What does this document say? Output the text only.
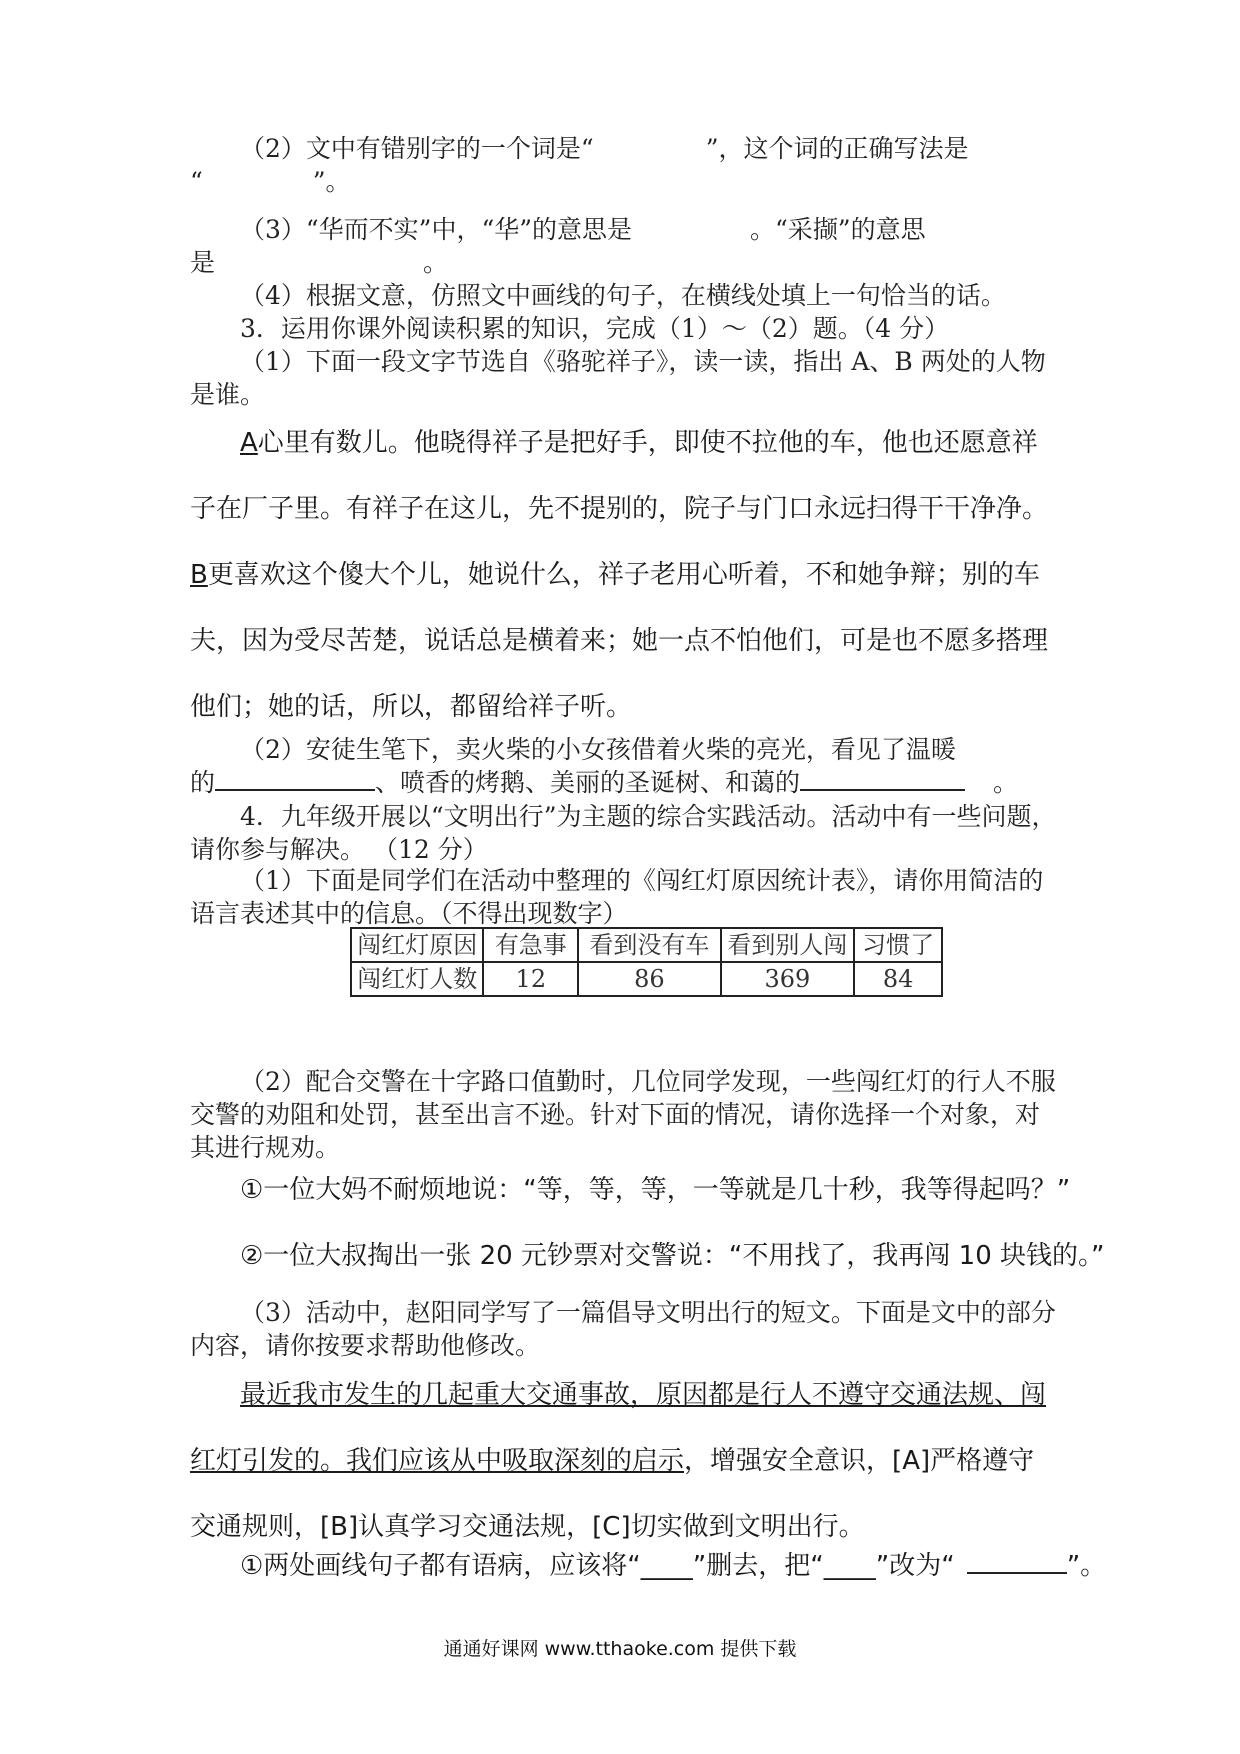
（2）文中有错别字的一个词是“	”，这个词的正确写法是
“	”。

（3）“华而不实”中，“华”的意思是	。“采撷”的意思
是	。

（4）根据文意，仿照文中画线的句子，在横线处填上一句恰当的话。

3．运用你课外阅读积累的知识，完成（1）～（2）题。（4 分）

（1）下面一段文字节选自《骆驼祥子》，读一读，指出 A、B 两处的人物是谁。

A心里有数儿。他晓得祥子是把好手，即使不拉他的车，他也还愿意祥子在厂子里。有祥子在这儿，先不提别的，院子与门口永远扫得干干净净。B更喜欢这个傻大个儿，她说什么，祥子老用心听着，不和她争辩；别的车夫，因为受尽苦楚，说话总是横着来；她一点不怕他们，可是也不愿多搭理他们；她的话，所以，都留给祥子听。

（2）安徒生笔下，卖火柴的小女孩借着火柴的亮光，看见了温暖
的	、喷香的烤鹅、美丽的圣诞树、和蔼的	。

4．九年级开展以“文明出行”为主题的综合实践活动。活动中有一些问题，请你参与解决。 （12 分）

（1）下面是同学们在活动中整理的《闯红灯原因统计表》，请你用简洁的语言表述其中的信息。（不得出现数字）

闯红灯原因	有急事	看到没有车	看到别人闯	习惯了
闯红灯人数	12	86	369	84

（2）配合交警在十字路口值勤时，几位同学发现，一些闯红灯的行人不服交警的劝阻和处罚，甚至出言不逊。针对下面的情况，请你选择一个对象，对其进行规劝。

①一位大妈不耐烦地说：“等，等，等，一等就是几十秒，我等得起吗？”

②一位大叔掏出一张 20 元钞票对交警说：“不用找了，我再闯 10 块钱的。”

（3）活动中，赵阳同学写了一篇倡导文明出行的短文。下面是文中的部分内容，请你按要求帮助他修改。

最近我市发生的几起重大交通事故，原因都是行人不遵守交通法规、闯红灯引发的。我们应该从中吸取深刻的启示，增强安全意识，[A]严格遵守交通规则，[B]认真学习交通法规，[C]切实做到文明出行。

①两处画线句子都有语病，应该将“____”删去，把“____”改为“	”。

通通好课网 www.tthaoke.com 提供下载
